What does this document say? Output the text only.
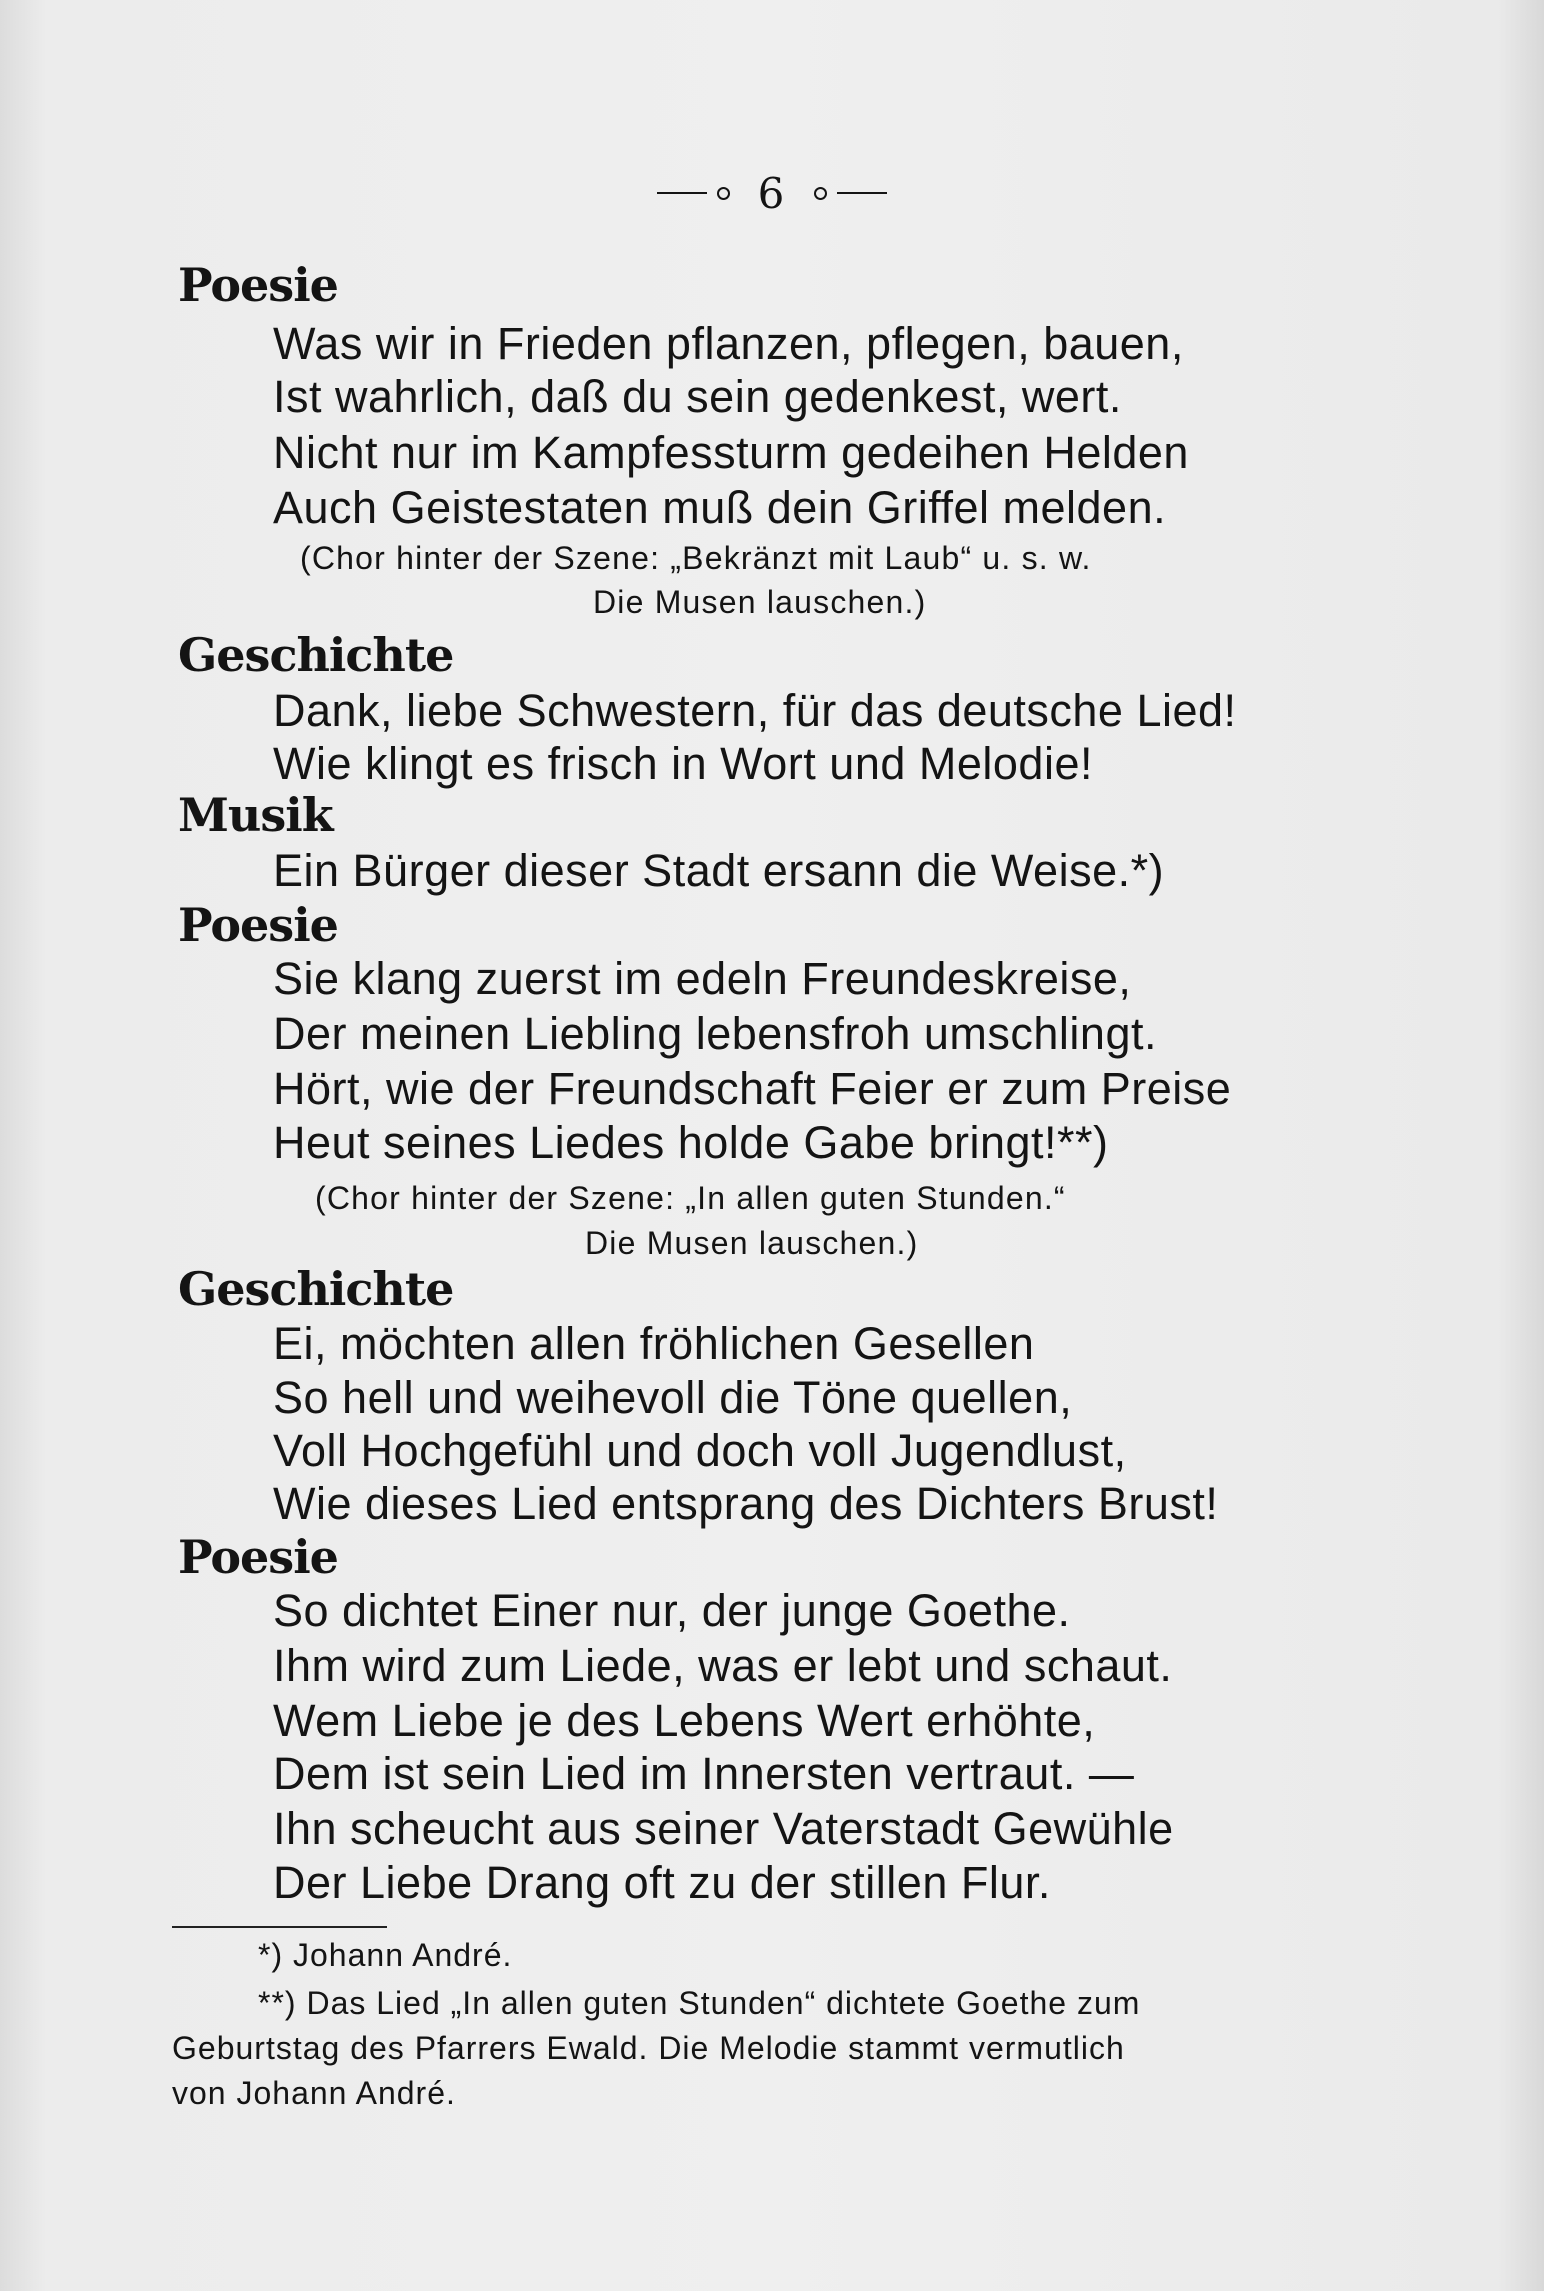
6
Poesie
Was wir in Frieden pflanzen, pflegen, bauen,
Ist wahrlich, daß du sein gedenkest, wert.
Nicht nur im Kampfessturm gedeihen Helden
Auch Geistestaten muß dein Griffel melden.
(Chor hinter der Szene: „Bekränzt mit Laub“ u. s. w.
Die Musen lauschen.)
Geschichte
Dank, liebe Schwestern, für das deutsche Lied!
Wie klingt es frisch in Wort und Melodie!
Musik
Ein Bürger dieser Stadt ersann die Weise.*)
Poesie
Sie klang zuerst im edeln Freundeskreise,
Der meinen Liebling lebensfroh umschlingt.
Hört, wie der Freundschaft Feier er zum Preise
Heut seines Liedes holde Gabe bringt!**)
(Chor hinter der Szene: „In allen guten Stunden.“
Die Musen lauschen.)
Geschichte
Ei, möchten allen fröhlichen Gesellen
So hell und weihevoll die Töne quellen,
Voll Hochgefühl und doch voll Jugendlust,
Wie dieses Lied entsprang des Dichters Brust!
Poesie
So dichtet Einer nur, der junge Goethe.
Ihm wird zum Liede, was er lebt und schaut.
Wem Liebe je des Lebens Wert erhöhte,
Dem ist sein Lied im Innersten vertraut. —
Ihn scheucht aus seiner Vaterstadt Gewühle
Der Liebe Drang oft zu der stillen Flur.
*) Johann André.
**) Das Lied „In allen guten Stunden“ dichtete Goethe zum
Geburtstag des Pfarrers Ewald. Die Melodie stammt vermutlich
von Johann André.
